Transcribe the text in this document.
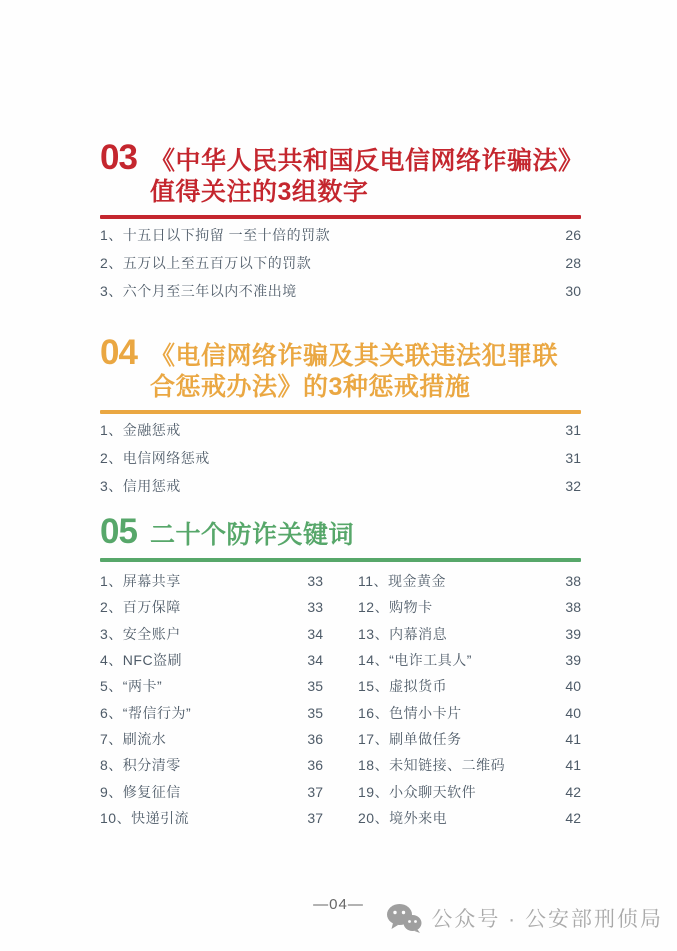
03 《中华人民共和国反电信网络诈骗法》
值得关注的3组数字
1、十五日以下拘留 一至十倍的罚款	26
2、五万以上至五百万以下的罚款	28
3、六个月至三年以内不准出境	30
04 《电信网络诈骗及其关联违法犯罪联
合惩戒办法》的3种惩戒措施
1、金融惩戒	31
2、电信网络惩戒	31
3、信用惩戒	32
05 二十个防诈关键词
1、屏幕共享	33
2、百万保障	33
3、安全账户	34
4、NFC盗刷	34
5、“两卡”	35
6、“帮信行为”	35
7、刷流水	36
8、积分清零	36
9、修复征信	37
10、快递引流	37
11、现金黄金	38
12、购物卡	38
13、内幕消息	39
14、“电诈工具人”	39
15、虚拟货币	40
16、色情小卡片	40
17、刷单做任务	41
18、未知链接、二维码	41
19、小众聊天软件	42
20、境外来电	42
—04—
公众号 · 公安部刑侦局
